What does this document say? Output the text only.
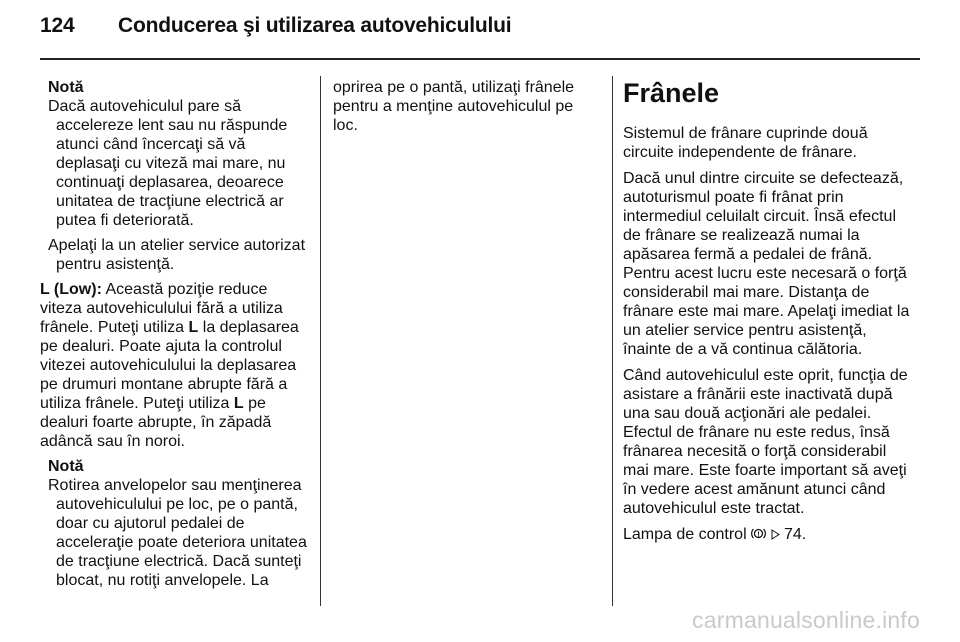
124 Conducerea şi utilizarea autovehiculului
Notă
Dacă autovehiculul pare să accelereze lent sau nu răspunde atunci când încercaţi să vă deplasaţi cu viteză mai mare, nu continuaţi deplasarea, deoarece unitatea de tracţiune electrică ar putea fi deteriorată.
Apelaţi la un atelier service autorizat pentru asistenţă.

L (Low): Această poziţie reduce viteza autovehiculului fără a utiliza frânele. Puteţi utiliza L la deplasarea pe dealuri. Poate ajuta la controlul vitezei autovehiculului la deplasarea pe drumuri montane abrupte fără a utiliza frânele. Puteţi utiliza L pe dealuri foarte abrupte, în zăpadă adâncă sau în noroi.

Notă
Rotirea anvelopelor sau menţinerea autovehiculului pe loc, pe o pantă, doar cu ajutorul pedalei de acceleraţie poate deteriora unitatea de tracţiune electrică. Dacă sunteţi blocat, nu rotiţi anvelopele. La

oprirea pe o pantă, utilizaţi frânele pentru a menţine autovehiculul pe loc.

Frânele

Sistemul de frânare cuprinde două circuite independente de frânare.

Dacă unul dintre circuite se defectează, autoturismul poate fi frânat prin intermediul celuilalt circuit. Însă efectul de frânare se realizează numai la apăsarea fermă a pedalei de frână. Pentru acest lucru este necesară o forţă considerabil mai mare. Distanţa de frânare este mai mare. Apelaţi imediat la un atelier service pentru asistenţă, înainte de a vă continua călătoria.

Când autovehiculul este oprit, funcţia de asistare a frânării este inactivată după una sau două acţionări ale pedalei. Efectul de frânare nu este redus, însă frânarea necesită o forţă considerabil mai mare. Este foarte important să aveţi în vedere acest amănunt atunci când autovehiculul este tractat.

Lampa de control ! 74.

carmanualsonline.info
